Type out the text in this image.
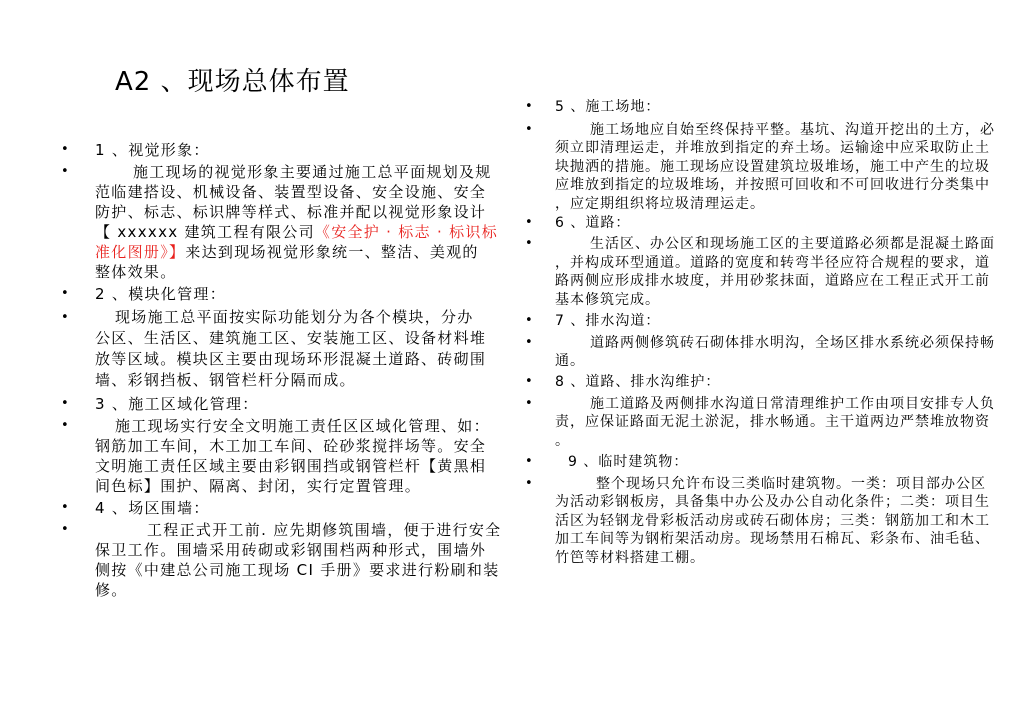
A2 、现场总体布置
• 1 、视觉形象：
•	施工现场的视觉形象主要通过施工总平面规划及规
范临建搭设、机械设备、装置型设备、安全设施、安全
防护、标志、标识牌等样式、标准并配以视觉形象设计
【 xxxxxx 建筑工程有限公司《安全护 · 标志 · 标识标
准化图册》】来达到现场视觉形象统一、整洁、美观的
整体效果。
• 2 、模块化管理：
•	现场施工总平面按实际功能划分为各个模块，分办
公区、生活区、建筑施工区、安装施工区、设备材料堆
放等区域。模块区主要由现场环形混凝土道路、砖砌围
墙、彩钢挡板、钢管栏杆分隔而成。
• 3 、施工区域化管理：
•	施工现场实行安全文明施工责任区区域化管理、如：
钢筋加工车间，木工加工车间、砼砂浆搅拌场等。安全
文明施工责任区域主要由彩钢围挡或钢管栏杆【黄黑相
间色标】围护、隔离、封闭，实行定置管理。
• 4 、场区围墙：
•	工程正式开工前. 应先期修筑围墙，便于进行安全
保卫工作。围墙采用砖砌或彩钢围档两种形式，围墙外
侧按《中建总公司施工现场 CI 手册》要求进行粉刷和装
修。
• 5 、施工场地：
•	施工场地应自始至终保持平整。基坑、沟道开挖出的土方，必
须立即清理运走，并堆放到指定的弃土场。运输途中应采取防止土
块抛洒的措施。施工现场应设置建筑垃圾堆场，施工中产生的垃圾
应堆放到指定的垃圾堆场，并按照可回收和不可回收进行分类集中
，应定期组织将垃圾清理运走。
• 6 、道路：
•	生活区、办公区和现场施工区的主要道路必须都是混凝土路面
，并构成环型通道。道路的宽度和转弯半径应符合规程的要求，道
路两侧应形成排水坡度，并用砂浆抹面，道路应在工程正式开工前
基本修筑完成。
• 7 、排水沟道：
•	道路两侧修筑砖石砌体排水明沟，全场区排水系统必须保持畅
通。
• 8 、道路、排水沟维护：
•	施工道路及两侧排水沟道日常清理维护工作由项目安排专人负
责，应保证路面无泥土淤泥，排水畅通。主干道两边严禁堆放物资
。
• 9 、临时建筑物：
•	整个现场只允许布设三类临时建筑物。一类：项目部办公区
为活动彩钢板房，具备集中办公及办公自动化条件；二类：项目生
活区为轻钢龙骨彩板活动房或砖石砌体房；三类：钢筋加工和木工
加工车间等为钢桁架活动房。现场禁用石棉瓦、彩条布、油毛毡、
竹笆等材料搭建工棚。
